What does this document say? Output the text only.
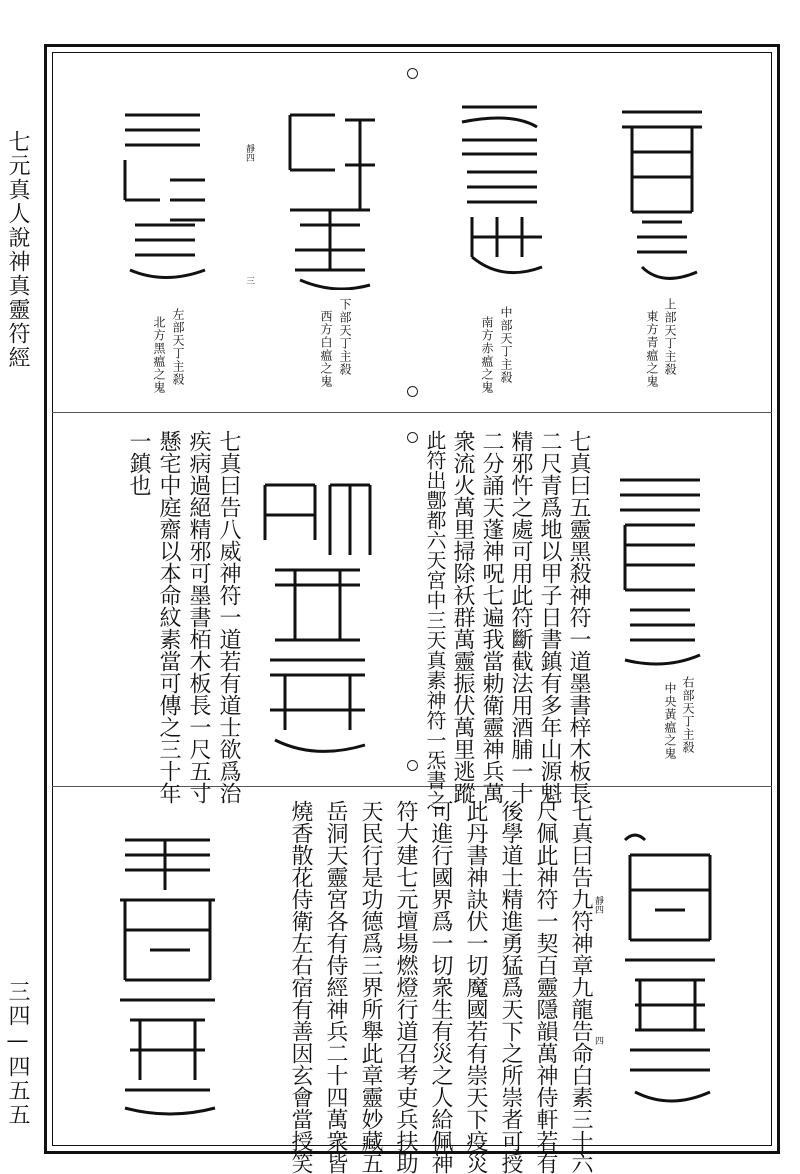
七元真人說神真靈符經
三四—四五五
上部天丁主殺
東方青瘟之鬼
中部天丁主殺
南方赤瘟之鬼
下部天丁主殺
西方白瘟之鬼
左部天丁主殺
北方黑瘟之鬼
靜四
三
右部天丁主殺
中央黃瘟之鬼
七真曰五靈黑殺神符一道墨書梓木板長
二尺青爲地以甲子日書鎮有多年山源魁
精邪忤之處可用此符斷截法用酒脯一十
二分誦天蓬神呪七遍我當勅衛靈神兵萬
衆流火萬里掃除袄群萬靈振伏萬里逃蹤
此符出鄷都六天宮中三天真素神符一炁書之
七真曰告八威神符一道若有道士欲爲治
疾病過絕精邪可墨書栢木板長一尺五寸
懸宅中庭齋以本命紋素當可傳之三十年
一鎮也
靜四
四
七真曰告九符神章九龍告命白素三十六
尺佩此神符一契百靈隱韻萬神侍軒若有
後學道士精進勇猛爲天下之所崇者可授
此丹書神訣伏一切魔國若有崇天下疫災
可進行國界爲一切衆生有災之人給佩神
符大建七元壇場燃燈行道召考吏兵扶助
天民行是功德爲三界所舉此章靈妙藏五
岳洞天靈宮各有侍經神兵二十四萬衆皆
燒香散花侍衛左右宿有善因玄會當授笑
